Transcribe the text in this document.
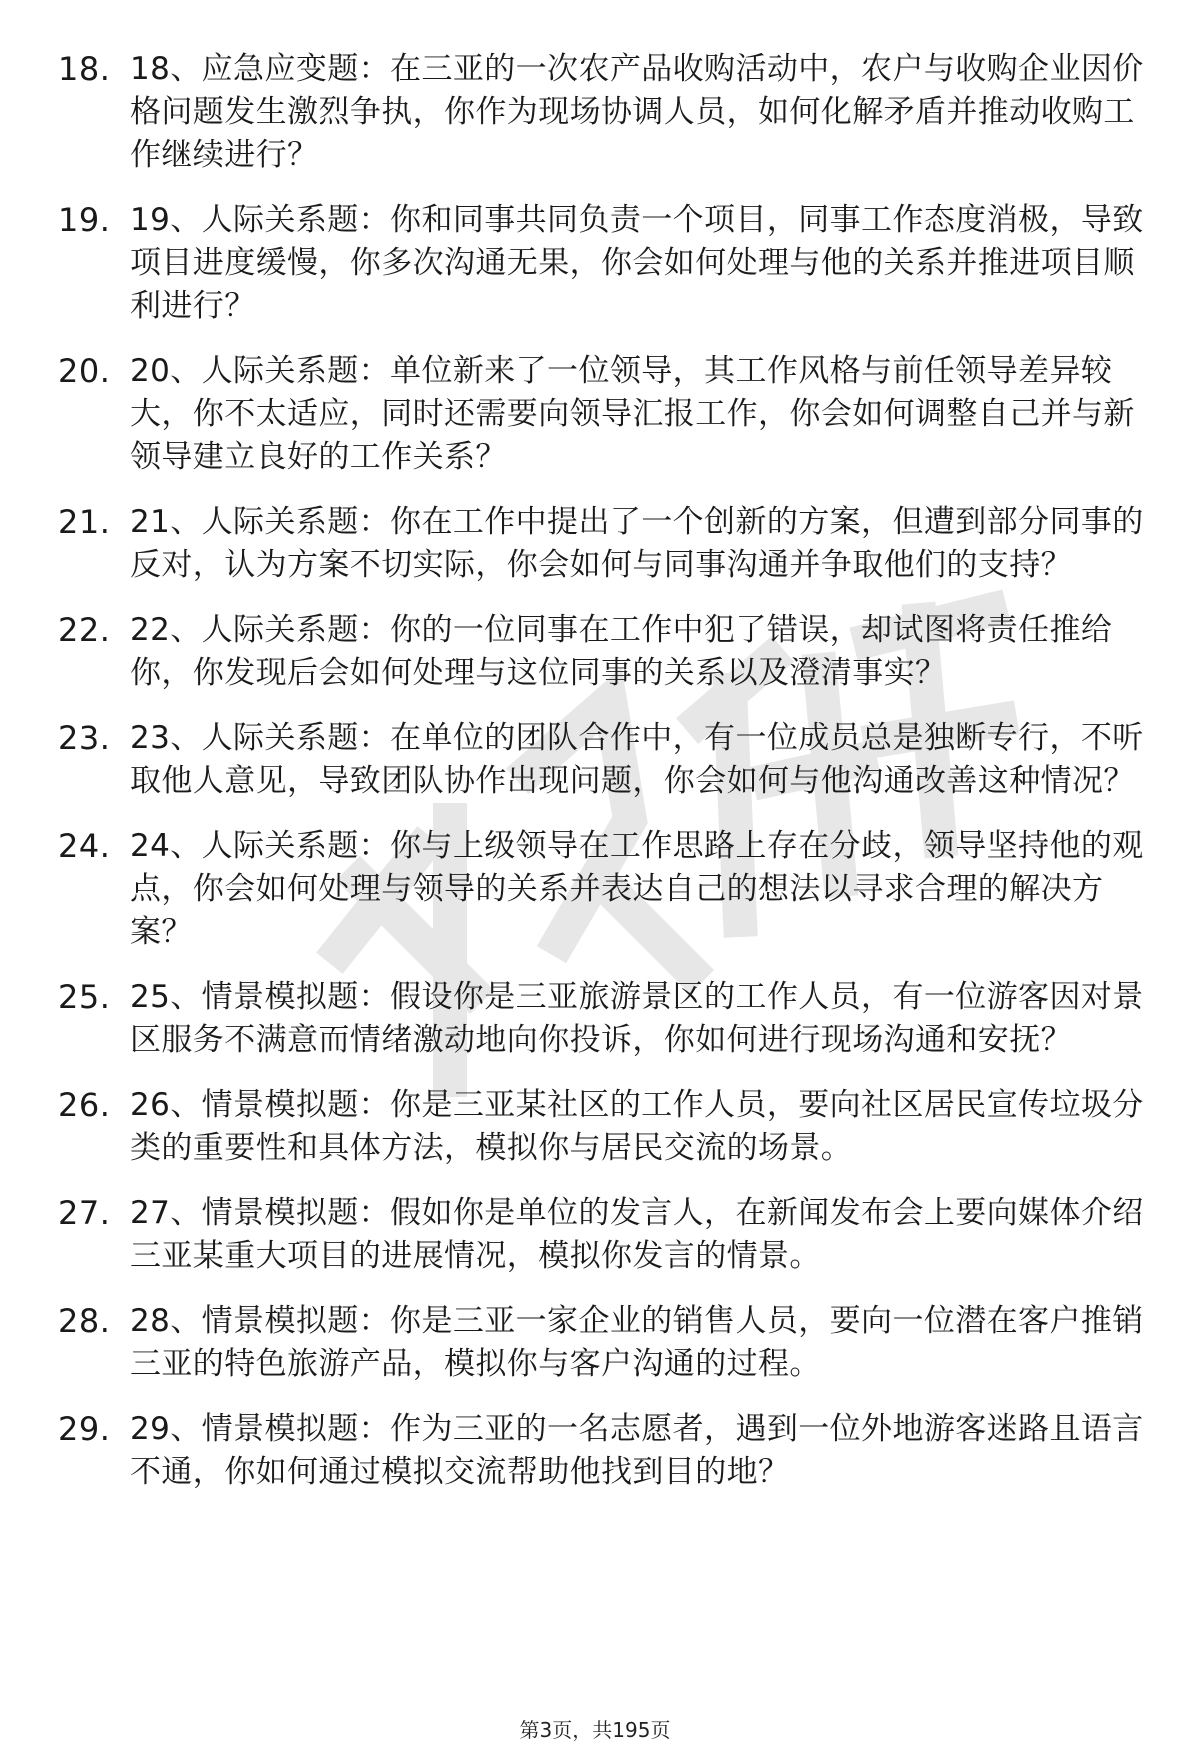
18. 18、应急应变题：在三亚的一次农产品收购活动中，农户与收购企业因价格问题发生激烈争执，你作为现场协调人员，如何化解矛盾并推动收购工作继续进行？
19. 19、人际关系题：你和同事共同负责一个项目，同事工作态度消极，导致项目进度缓慢，你多次沟通无果，你会如何处理与他的关系并推进项目顺利进行？
20. 20、人际关系题：单位新来了一位领导，其工作风格与前任领导差异较大，你不太适应，同时还需要向领导汇报工作，你会如何调整自己并与新领导建立良好的工作关系？
21. 21、人际关系题：你在工作中提出了一个创新的方案，但遭到部分同事的反对，认为方案不切实际，你会如何与同事沟通并争取他们的支持？
22. 22、人际关系题：你的一位同事在工作中犯了错误，却试图将责任推给你，你发现后会如何处理与这位同事的关系以及澄清事实？
23. 23、人际关系题：在单位的团队合作中，有一位成员总是独断专行，不听取他人意见，导致团队协作出现问题，你会如何与他沟通改善这种情况？
24. 24、人际关系题：你与上级领导在工作思路上存在分歧，领导坚持他的观点，你会如何处理与领导的关系并表达自己的想法以寻求合理的解决方案？
25. 25、情景模拟题：假设你是三亚旅游景区的工作人员，有一位游客因对景区服务不满意而情绪激动地向你投诉，你如何进行现场沟通和安抚？
26. 26、情景模拟题：你是三亚某社区的工作人员，要向社区居民宣传垃圾分类的重要性和具体方法，模拟你与居民交流的场景。
27. 27、情景模拟题：假如你是单位的发言人，在新闻发布会上要向媒体介绍三亚某重大项目的进展情况，模拟你发言的情景。
28. 28、情景模拟题：你是三亚一家企业的销售人员，要向一位潜在客户推销三亚的特色旅游产品，模拟你与客户沟通的过程。
29. 29、情景模拟题：作为三亚的一名志愿者，遇到一位外地游客迷路且语言不通，你如何通过模拟交流帮助他找到目的地？
第3页，共195页
